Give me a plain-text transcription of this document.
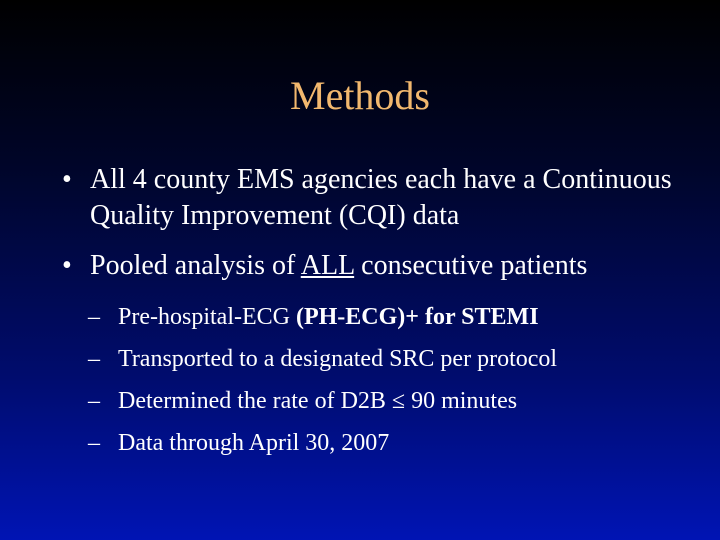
Methods
• All 4 county EMS agencies each have a Continuous Quality Improvement (CQI) data
• Pooled analysis of ALL consecutive patients
– Pre-hospital-ECG (PH-ECG)+ for STEMI
– Transported to a designated SRC per protocol
– Determined the rate of D2B ≤ 90 minutes
– Data through April 30, 2007
